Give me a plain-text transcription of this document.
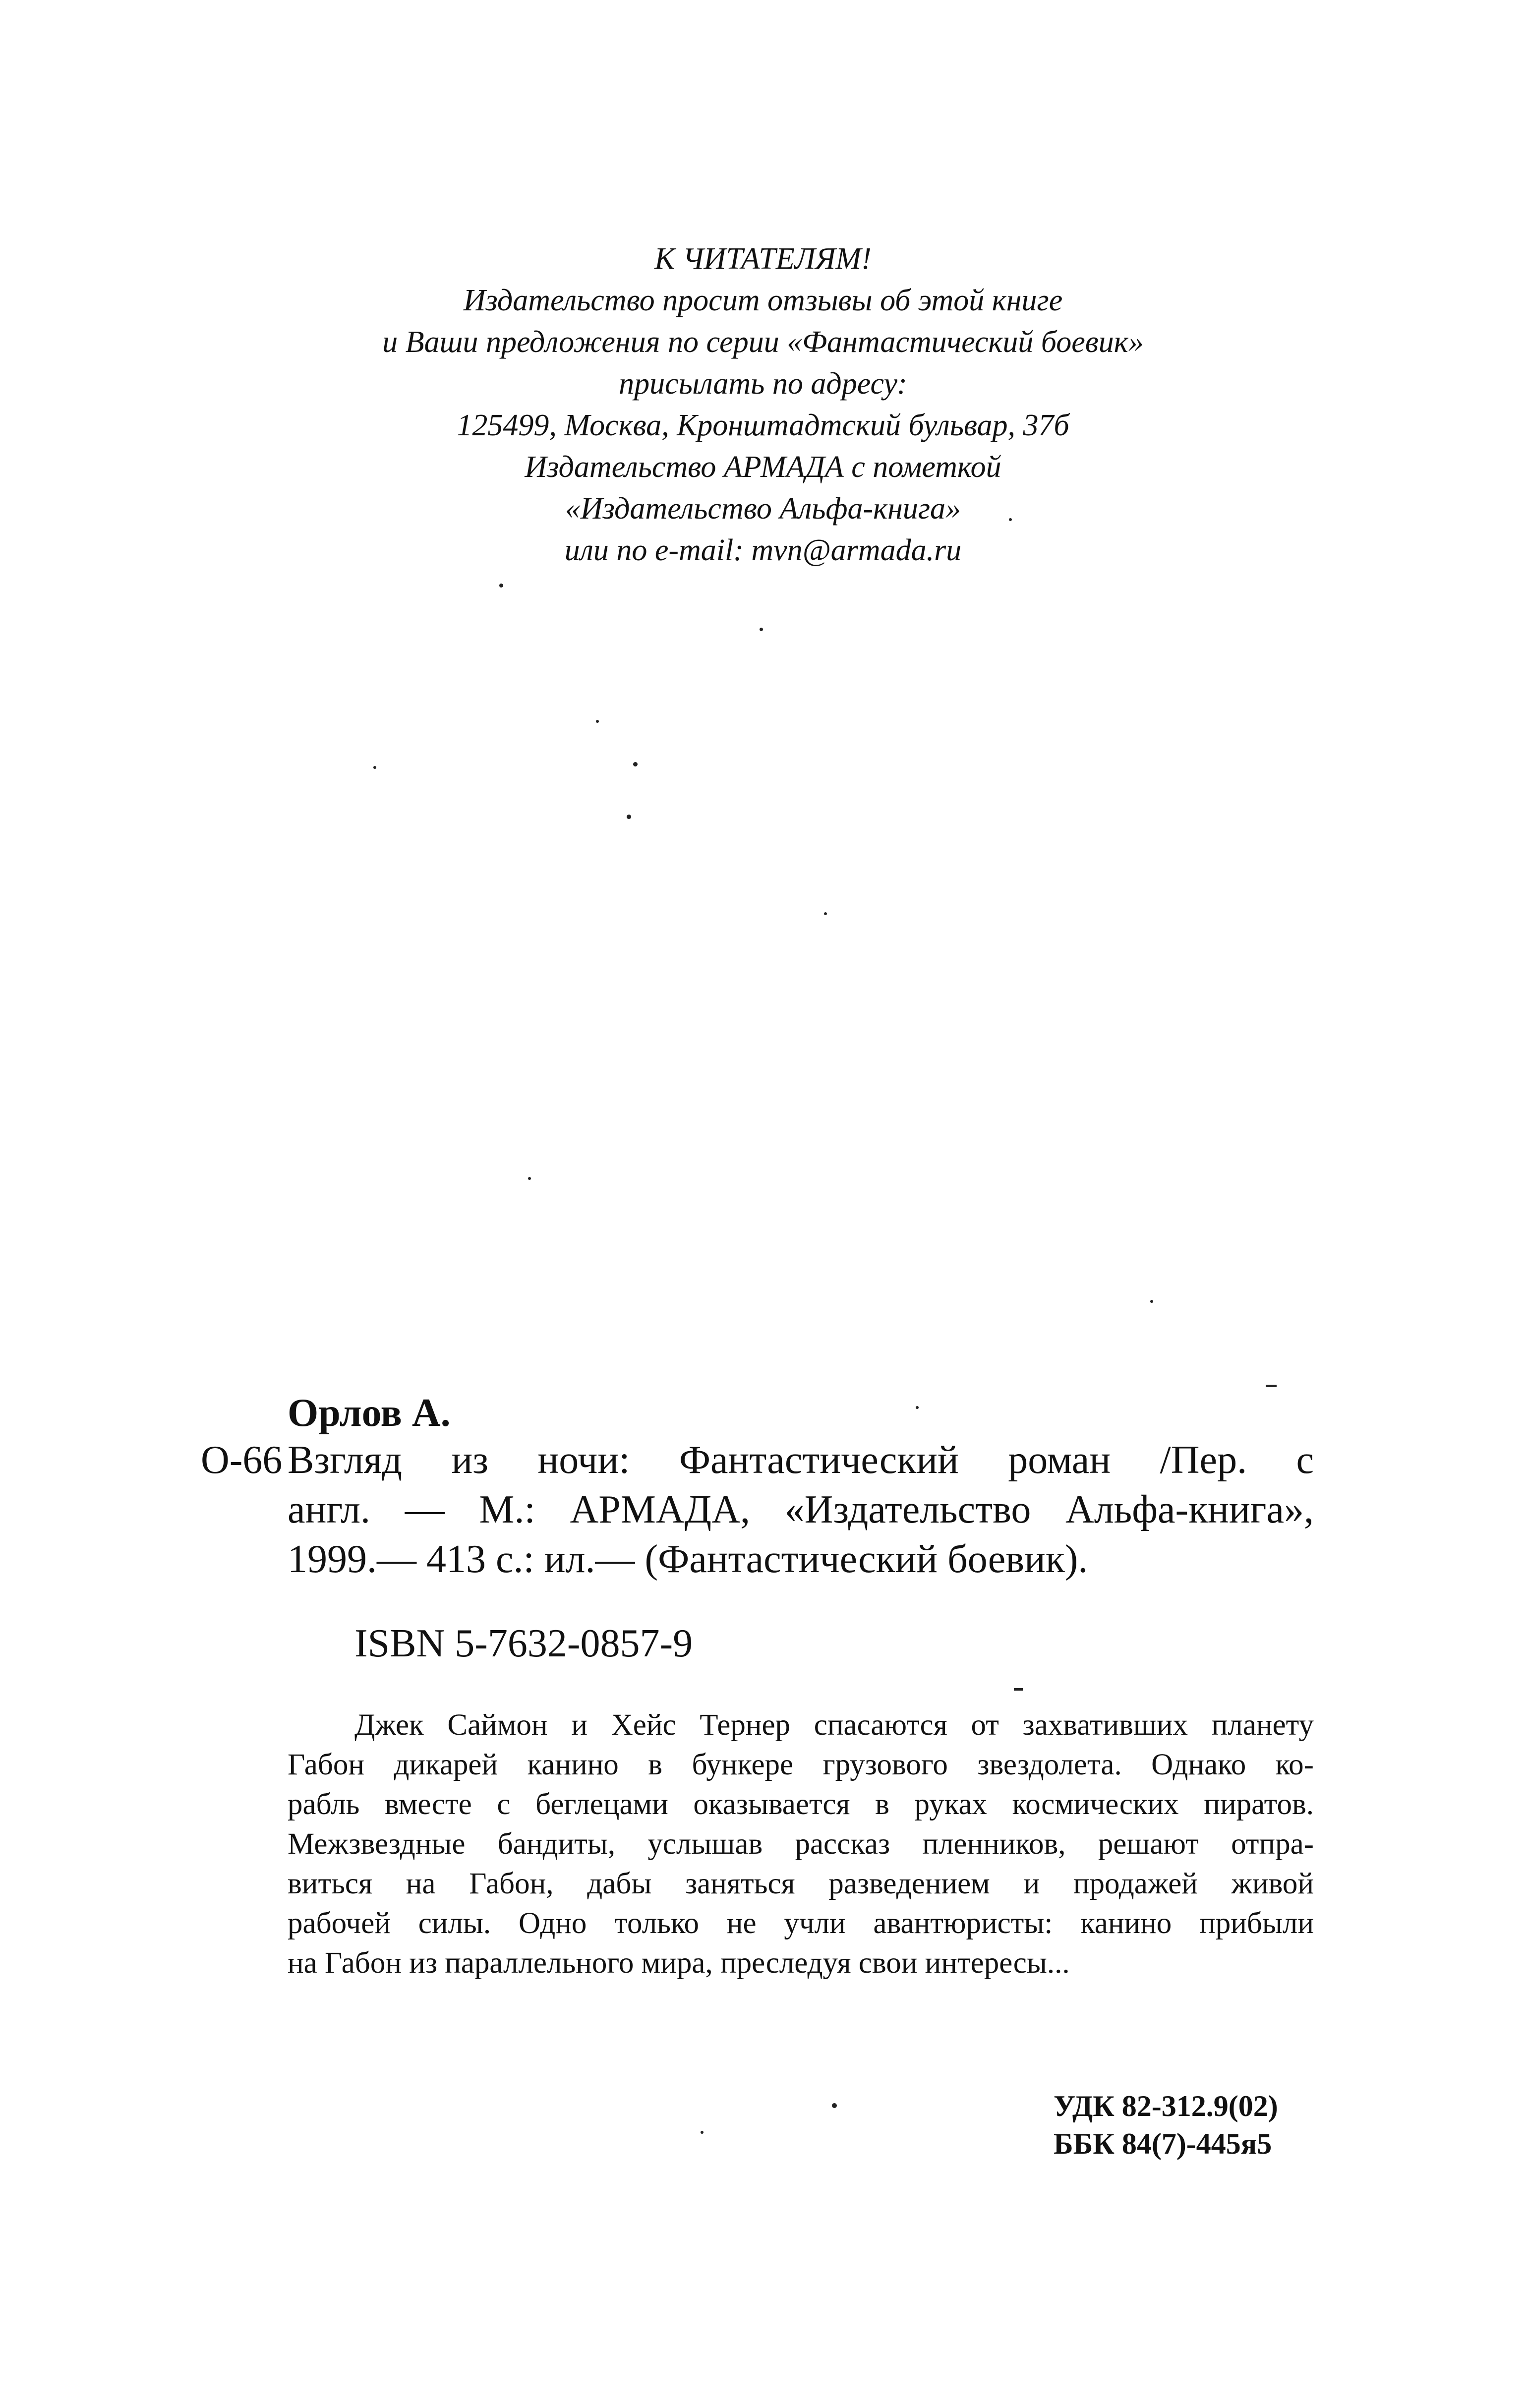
К ЧИТАТЕЛЯМ!
Издательство просит отзывы об этой книге
и Ваши предложения по серии «Фантастический боевик»
присылать по адресу:
125499, Москва, Кронштадтский бульвар, 37б
Издательство АРМАДА с пометкой
«Издательство Альфа-книга»
или по e-mail: mvn@armada.ru
Орлов А.
О-66 Взгляд из ночи: Фантастический роман /Пер. с
англ. — М.: АРМАДА, «Издательство Альфа-книга»,
1999.— 413 с.: ил.— (Фантастический боевик).
ISBN 5-7632-0857-9
Джек Саймон и Хейс Тернер спасаются от захвативших планету
Габон дикарей канино в бункере грузового звездолета. Однако ко-
рабль вместе с беглецами оказывается в руках космических пиратов.
Межзвездные бандиты, услышав рассказ пленников, решают отпра-
виться на Габон, дабы заняться разведением и продажей живой
рабочей силы. Одно только не учли авантюристы: канино прибыли
на Габон из параллельного мира, преследуя свои интересы...
УДК 82-312.9(02)
ББК 84(7)-445я5
